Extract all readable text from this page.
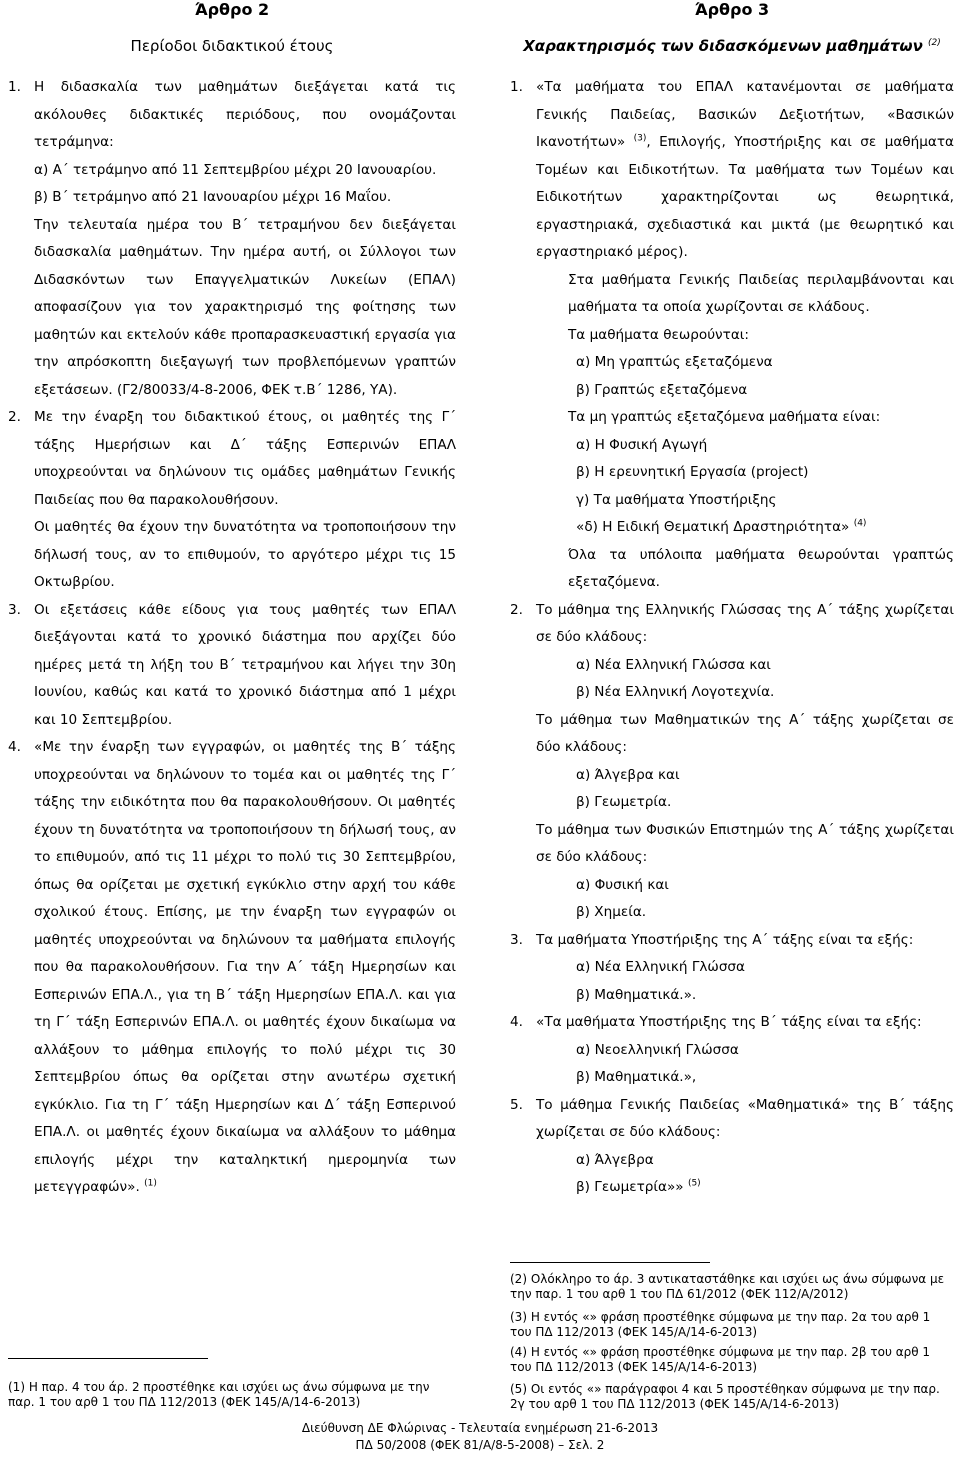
Άρθρο 2
Περίοδοι διδακτικού έτους
1. Η διδασκαλία των μαθημάτων διεξάγεται κατά τις ακόλουθες διδακτικές περιόδους, που ονομάζονται τετράμηνα:

α) Α΄ τετράμηνο από 11 Σεπτεμβρίου μέχρι 20 Ιανουαρίου.

β) Β΄ τετράμηνο από 21 Ιανουαρίου μέχρι 16 Μαΐου.

Την τελευταία ημέρα του Β΄ τετραμήνου δεν διεξάγεται διδασκαλία μαθημάτων. Την ημέρα αυτή, οι Σύλλογοι των Διδασκόντων των Επαγγελματικών Λυκείων (ΕΠΑΛ) αποφασίζουν για τον χαρακτηρισμό της φοίτησης των μαθητών και εκτελούν κάθε προπαρασκευαστική εργασία για την απρόσκοπτη διεξαγωγή των προβλεπόμενων γραπτών εξετάσεων. (Γ2/80033/4-8-2006, ΦΕΚ τ.Β΄ 1286, ΥΑ).

2. Με την έναρξη του διδακτικού έτους, οι μαθητές της Γ΄ τάξης Ημερήσιων και Δ΄ τάξης Εσπερινών ΕΠΑΛ υποχρεούνται να δηλώνουν τις ομάδες μαθημάτων Γενικής Παιδείας που θα παρακολουθήσουν.

Οι μαθητές θα έχουν την δυνατότητα να τροποποιήσουν την δήλωσή τους, αν το επιθυμούν, το αργότερο μέχρι τις 15 Οκτωβρίου.

3. Οι εξετάσεις κάθε είδους για τους μαθητές των ΕΠΑΛ διεξάγονται κατά το χρονικό διάστημα που αρχίζει δύο ημέρες μετά τη λήξη του Β΄ τετραμήνου και λήγει την 30η Ιουνίου, καθώς και κατά το χρονικό διάστημα από 1 μέχρι και 10 Σεπτεμβρίου.

4. «Με την έναρξη των εγγραφών, οι μαθητές της Β΄ τάξης υποχρεούνται να δηλώνουν το τομέα και οι μαθητές της Γ΄ τάξης την ειδικότητα που θα παρακολουθήσουν. Οι μαθητές έχουν τη δυνατότητα να τροποποιήσουν τη δήλωσή τους, αν το επιθυμούν, από τις 11 μέχρι το πολύ τις 30 Σεπτεμβρίου, όπως θα ορίζεται με σχετική εγκύκλιο στην αρχή του κάθε σχολικού έτους. Επίσης, με την έναρξη των εγγραφών οι μαθητές υποχρεούνται να δηλώνουν τα μαθήματα επιλογής που θα παρακολουθήσουν. Για την Α΄ τάξη Ημερησίων και Εσπερινών ΕΠΑ.Λ., για τη Β΄ τάξη Ημερησίων ΕΠΑ.Λ. και για τη Γ΄ τάξη Εσπερινών ΕΠΑ.Λ. οι μαθητές έχουν δικαίωμα να αλλάξουν το μάθημα επιλογής το πολύ μέχρι τις 30 Σεπτεμβρίου όπως θα ορίζεται στην ανωτέρω σχετική εγκύκλιο. Για τη Γ΄ τάξη Ημερησίων και Δ΄ τάξη Εσπερινού ΕΠΑ.Λ. οι μαθητές έχουν δικαίωμα να αλλάξουν το μάθημα επιλογής μέχρι την καταληκτική ημερομηνία των μετεγγραφών». $^{(1)}$

(1) Η παρ. 4 του άρ. 2 προστέθηκε και ισχύει ως άνω σύμφωνα με την παρ. 1 του αρθ 1 του ΠΔ 112/2013 (ΦΕΚ 145/Α/14-6-2013)
Άρθρο 3
Χαρακτηρισμός των διδασκόμενων μαθημάτων $^{(2)}$
1. «Τα μαθήματα του ΕΠΑΛ κατανέμονται σε μαθήματα Γενικής Παιδείας, Βασικών Δεξιοτήτων, «Βασικών Ικανοτήτων» $^{(3)}$, Επιλογής, Υποστήριξης και σε μαθήματα Τομέων και Ειδικοτήτων. Τα μαθήματα των Τομέων και Ειδικοτήτων χαρακτηρίζονται ως θεωρητικά, εργαστηριακά, σχεδιαστικά και μικτά (με θεωρητικό και εργαστηριακό μέρος).

Στα μαθήματα Γενικής Παιδείας περιλαμβάνονται και μαθήματα τα οποία χωρίζονται σε κλάδους.

Τα μαθήματα θεωρούνται:

α) Μη γραπτώς εξεταζόμενα

β) Γραπτώς εξεταζόμενα

Τα μη γραπτώς εξεταζόμενα μαθήματα είναι:

α) Η Φυσική Αγωγή

β) Η ερευνητική Εργασία (project)

γ) Τα μαθήματα Υποστήριξης

«δ) Η Ειδική Θεματική Δραστηριότητα» $^{(4)}$

Όλα τα υπόλοιπα μαθήματα θεωρούνται γραπτώς εξεταζόμενα.

2. Το μάθημα της Ελληνικής Γλώσσας της Α΄ τάξης χωρίζεται σε δύο κλάδους:

α) Νέα Ελληνική Γλώσσα και

β) Νέα Ελληνική Λογοτεχνία.

Το μάθημα των Μαθηματικών της Α΄ τάξης χωρίζεται σε δύο κλάδους:

α) Άλγεβρα και

β) Γεωμετρία.

Το μάθημα των Φυσικών Επιστημών της Α΄ τάξης χωρίζεται σε δύο κλάδους:

α) Φυσική και

β) Χημεία.

3. Τα μαθήματα Υποστήριξης της Α΄ τάξης είναι τα εξής:

α) Νέα Ελληνική Γλώσσα

β) Μαθηματικά.».

4. «Τα μαθήματα Υποστήριξης της Β΄ τάξης είναι τα εξής:

α) Νεοελληνική Γλώσσα

β) Μαθηματικά.»,

5. Το μάθημα Γενικής Παιδείας «Μαθηματικά» της Β΄ τάξης χωρίζεται σε δύο κλάδους:

α) Άλγεβρα

β) Γεωμετρία»» $^{(5)}$

(2) Ολόκληρο το άρ. 3 αντικαταστάθηκε και ισχύει ως άνω σύμφωνα με την παρ. 1 του αρθ 1 του ΠΔ 61/2012 (ΦΕΚ 112/Α/2012)
(3) Η εντός «» φράση προστέθηκε σύμφωνα με την παρ. 2α του αρθ 1 του ΠΔ 112/2013 (ΦΕΚ 145/Α/14-6-2013)
(4) Η εντός «» φράση προστέθηκε σύμφωνα με την παρ. 2β του αρθ 1 του ΠΔ 112/2013 (ΦΕΚ 145/Α/14-6-2013)
(5) Οι εντός «» παράγραφοι 4 και 5 προστέθηκαν σύμφωνα με την παρ. 2γ του αρθ 1 του ΠΔ 112/2013 (ΦΕΚ 145/Α/14-6-2013)
Διεύθυνση ΔΕ Φλώρινας - Τελευταία ενημέρωση 21-6-2013
ΠΔ 50/2008 (ΦΕΚ 81/Α/8-5-2008) – Σελ. 2
